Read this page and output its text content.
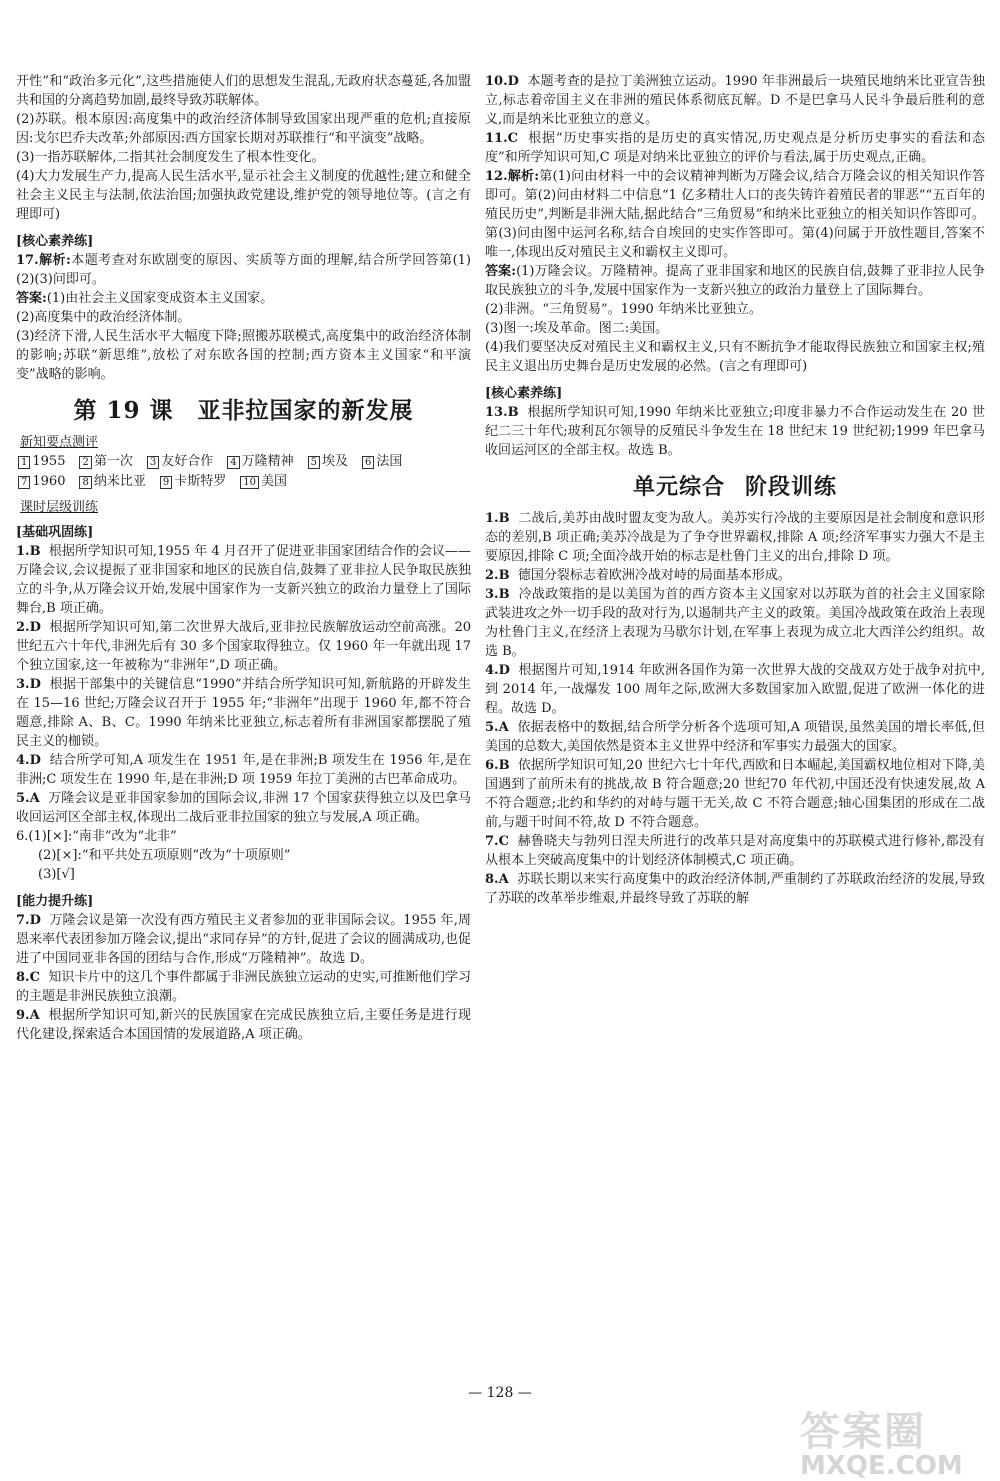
开性”和“政治多元化”,这些措施使人们的思想发生混乱,无政府状态蔓延,各加盟共和国的分离趋势加剧,最终导致苏联解体。

(2)苏联。根本原因:高度集中的政治经济体制导致国家出现严重的危机;直接原因:戈尔巴乔夫改革;外部原因:西方国家长期对苏联推行“和平演变”战略。

(3)一指苏联解体,二指其社会制度发生了根本性变化。

(4)大力发展生产力,提高人民生活水平,显示社会主义制度的优越性;建立和健全社会主义民主与法制,依法治国;加强执政党建设,维护党的领导地位等。(言之有理即可)

[核心素养练]

17.解析:本题考查对东欧剧变的原因、实质等方面的理解,结合所学回答第(1)(2)(3)问即可。

答案:(1)由社会主义国家变成资本主义国家。

(2)高度集中的政治经济体制。

(3)经济下滑,人民生活水平大幅度下降;照搬苏联模式,高度集中的政治经济体制的影响;苏联“新思维”,放松了对东欧各国的控制;西方资本主义国家“和平演变”战略的影响。

第 19 课 亚非拉国家的新发展
新知要点测评
1 1955	2 第一次	3 友好合作	4 万隆精神	5 埃及	6 法国
7 1960	8 纳米比亚	9 卡斯特罗	10 美国
课时层级训练
[基础巩固练]

1.B 根据所学知识可知,1955 年 4 月召开了促进亚非国家团结合作的会议——万隆会议,会议提振了亚非国家和地区的民族自信,鼓舞了亚非拉人民争取民族独立的斗争,从万隆会议开始,发展中国家作为一支新兴独立的政治力量登上了国际舞台,B 项正确。

2.D 根据所学知识可知,第二次世界大战后,亚非拉民族解放运动空前高涨。20 世纪五六十年代,非洲先后有 30 多个国家取得独立。仅 1960 年一年就出现 17 个独立国家,这一年被称为“非洲年”,D 项正确。

3.D 根据干部集中的关键信息“1990”并结合所学知识可知,新航路的开辟发生在 15—16 世纪;万隆会议召开于 1955 年;“非洲年”出现于 1960 年,都不符合题意,排除 A、B、C。1990 年纳米比亚独立,标志着所有非洲国家都摆脱了殖民主义的枷锁。

4.D 结合所学可知,A 项发生在 1951 年,是在非洲;B 项发生在 1956 年,是在非洲;C 项发生在 1990 年,是在非洲;D 项 1959 年拉丁美洲的古巴革命成功。

5.A 万隆会议是亚非国家参加的国际会议,非洲 17 个国家获得独立以及巴拿马收回运河区全部主权,体现出二战后亚非拉国家的独立与发展,A 项正确。

6.(1)[×]:“南非”改为“北非”

(2)[×]:“和平共处五项原则”改为“十项原则”

(3)[√]

[能力提升练]

7.D 万隆会议是第一次没有西方殖民主义者参加的亚非国际会议。1955 年,周恩来率代表团参加万隆会议,提出“求同存异”的方针,促进了会议的圆满成功,也促进了中国同亚非各国的团结与合作,形成“万隆精神”。故选 D。

8.C 知识卡片中的这几个事件都属于非洲民族独立运动的史实,可推断他们学习的主题是非洲民族独立浪潮。

9.A 根据所学知识可知,新兴的民族国家在完成民族独立后,主要任务是进行现代化建设,探索适合本国国情的发展道路,A 项正确。

10.D 本题考查的是拉丁美洲独立运动。1990 年非洲最后一块殖民地纳米比亚宣告独立,标志着帝国主义在非洲的殖民体系彻底瓦解。D 不是巴拿马人民斗争最后胜利的意义,而是纳米比亚独立的意义。

11.C 根据“历史事实指的是历史的真实情况,历史观点是分析历史事实的看法和态度”和所学知识可知,C 项是对纳米比亚独立的评价与看法,属于历史观点,正确。

12.解析:第(1)问由材料一中的会议精神判断为万隆会议,结合万隆会议的相关知识作答即可。第(2)问由材料二中信息“1 亿多精壮人口的丧失铸许着殖民者的罪恶”“五百年的殖民历史”,判断是非洲大陆,据此结合“三角贸易”和纳米比亚独立的相关知识作答即可。第(3)问由图中运河名称,结合自埃回的史实作答即可。第(4)问属于开放性题目,答案不唯一,体现出反对殖民主义和霸权主义即可。

答案:(1)万隆会议。万隆精神。提高了亚非国家和地区的民族自信,鼓舞了亚非拉人民争取民族独立的斗争,发展中国家作为一支新兴独立的政治力量登上了国际舞台。

(2)非洲。“三角贸易”。1990 年纳米比亚独立。

(3)图一:埃及革命。图二:美国。

(4)我们要坚决反对殖民主义和霸权主义,只有不断抗争才能取得民族独立和国家主权;殖民主义退出历史舞台是历史发展的必然。(言之有理即可)

[核心素养练]

13.B 根据所学知识可知,1990 年纳米比亚独立;印度非暴力不合作运动发生在 20 世纪二三十年代;玻利瓦尔领导的反殖民斗争发生在 18 世纪末 19 世纪初;1999 年巴拿马收回运河区的全部主权。故选 B。

单元综合 阶段训练

1.B 二战后,美苏由战时盟友变为敌人。美苏实行冷战的主要原因是社会制度和意识形态的差别,B 项正确;美苏冷战是为了争夺世界霸权,排除 A 项;经济军事实力强大不是主要原因,排除 C 项;全面冷战开始的标志是杜鲁门主义的出台,排除 D 项。

2.B 德国分裂标志着欧洲冷战对峙的局面基本形成。

3.B 冷战政策指的是以美国为首的西方资本主义国家对以苏联为首的社会主义国家除武装进攻之外一切手段的敌对行为,以遏制共产主义的政策。美国冷战政策在政治上表现为杜鲁门主义,在经济上表现为马歇尔计划,在军事上表现为成立北大西洋公约组织。故选 B。

4.D 根据图片可知,1914 年欧洲各国作为第一次世界大战的交战双方处于战争对抗中,到 2014 年,一战爆发 100 周年之际,欧洲大多数国家加入欧盟,促进了欧洲一体化的进程。故选 D。

5.A 依据表格中的数据,结合所学分析各个选项可知,A 项错误,虽然美国的增长率低,但美国的总数大,美国依然是资本主义世界中经济和军事实力最强大的国家。

6.B 依据所学知识可知,20 世纪六七十年代,西欧和日本崛起,美国霸权地位相对下降,美国遇到了前所未有的挑战,故 B 符合题意;20 世纪70 年代初,中国还没有快速发展,故 A 不符合题意;北约和华约的对峙与题干无关,故 C 不符合题意;轴心国集团的形成在二战前,与题干时间不符,故 D 不符合题意。

7.C 赫鲁晓夫与勃列日涅夫所进行的改革只是对高度集中的苏联模式进行修补,都没有从根本上突破高度集中的计划经济体制模式,C 项正确。

8.A 苏联长期以来实行高度集中的政治经济体制,严重制约了苏联政治经济的发展,导致了苏联的改革举步维艰,并最终导致了苏联的解

— 128 —
答案圈
MXQE.COM
